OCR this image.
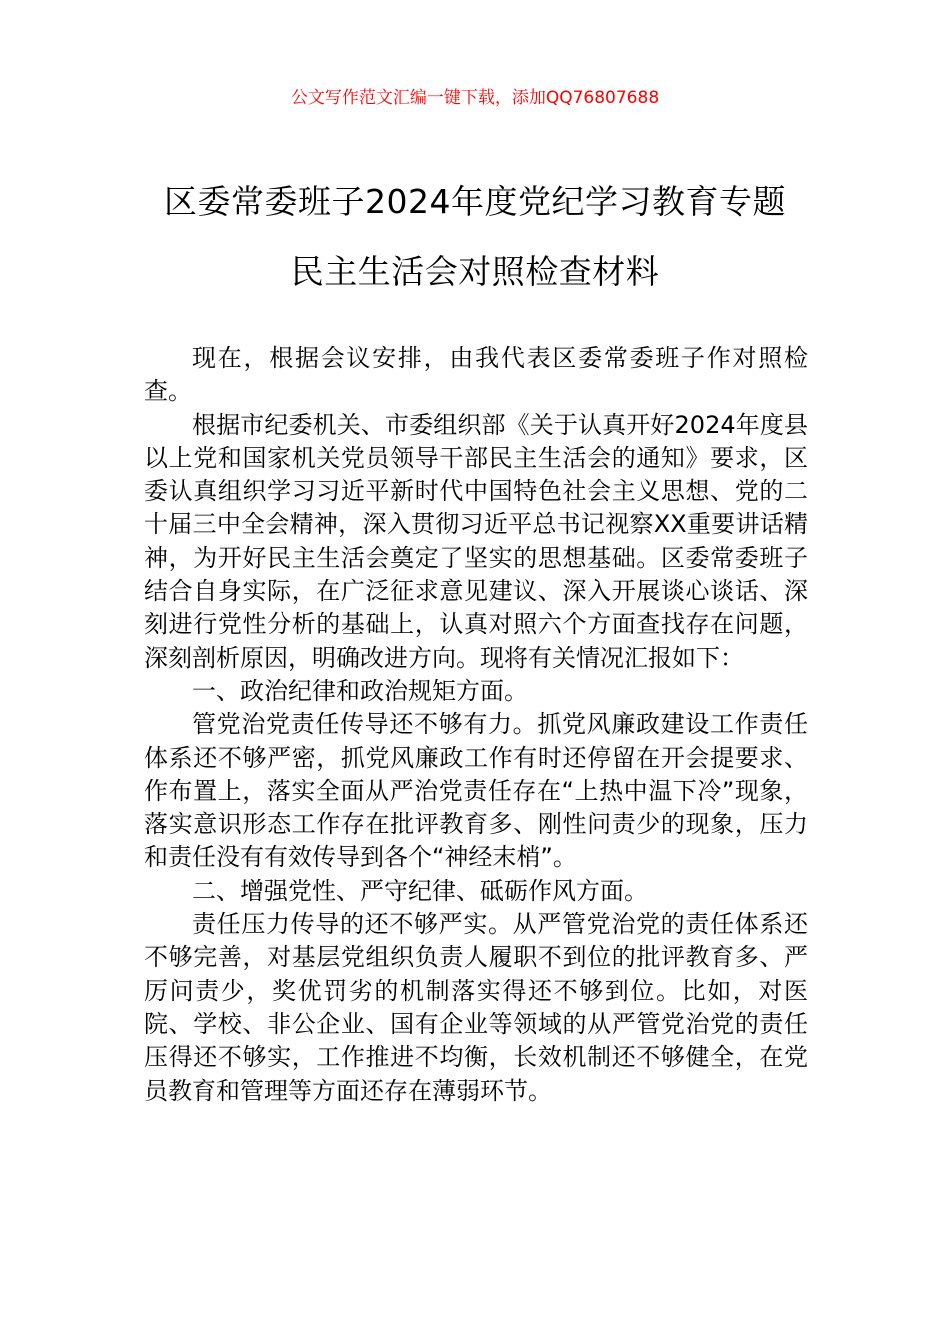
公文写作范文汇编一键下载，添加QQ76807688
区委常委班子2024年度党纪学习教育专题
民主生活会对照检查材料

现在，根据会议安排，由我代表区委常委班子作对照检查。

根据市纪委机关、市委组织部《关于认真开好2024年度县以上党和国家机关党员领导干部民主生活会的通知》要求，区委认真组织学习习近平新时代中国特色社会主义思想、党的二十届三中全会精神，深入贯彻习近平总书记视察XX重要讲话精神，为开好民主生活会奠定了坚实的思想基础。区委常委班子结合自身实际，在广泛征求意见建议、深入开展谈心谈话、深刻进行党性分析的基础上，认真对照六个方面查找存在问题，深刻剖析原因，明确改进方向。现将有关情况汇报如下：

一、政治纪律和政治规矩方面。

管党治党责任传导还不够有力。抓党风廉政建设工作责任体系还不够严密，抓党风廉政工作有时还停留在开会提要求、作布置上，落实全面从严治党责任存在“上热中温下冷”现象，落实意识形态工作存在批评教育多、刚性问责少的现象，压力和责任没有有效传导到各个“神经末梢”。

二、增强党性、严守纪律、砥砺作风方面。

责任压力传导的还不够严实。从严管党治党的责任体系还不够完善，对基层党组织负责人履职不到位的批评教育多、严厉问责少，奖优罚劣的机制落实得还不够到位。比如，对医院、学校、非公企业、国有企业等领域的从严管党治党的责任压得还不够实，工作推进不均衡，长效机制还不够健全，在党员教育和管理等方面还存在薄弱环节。
